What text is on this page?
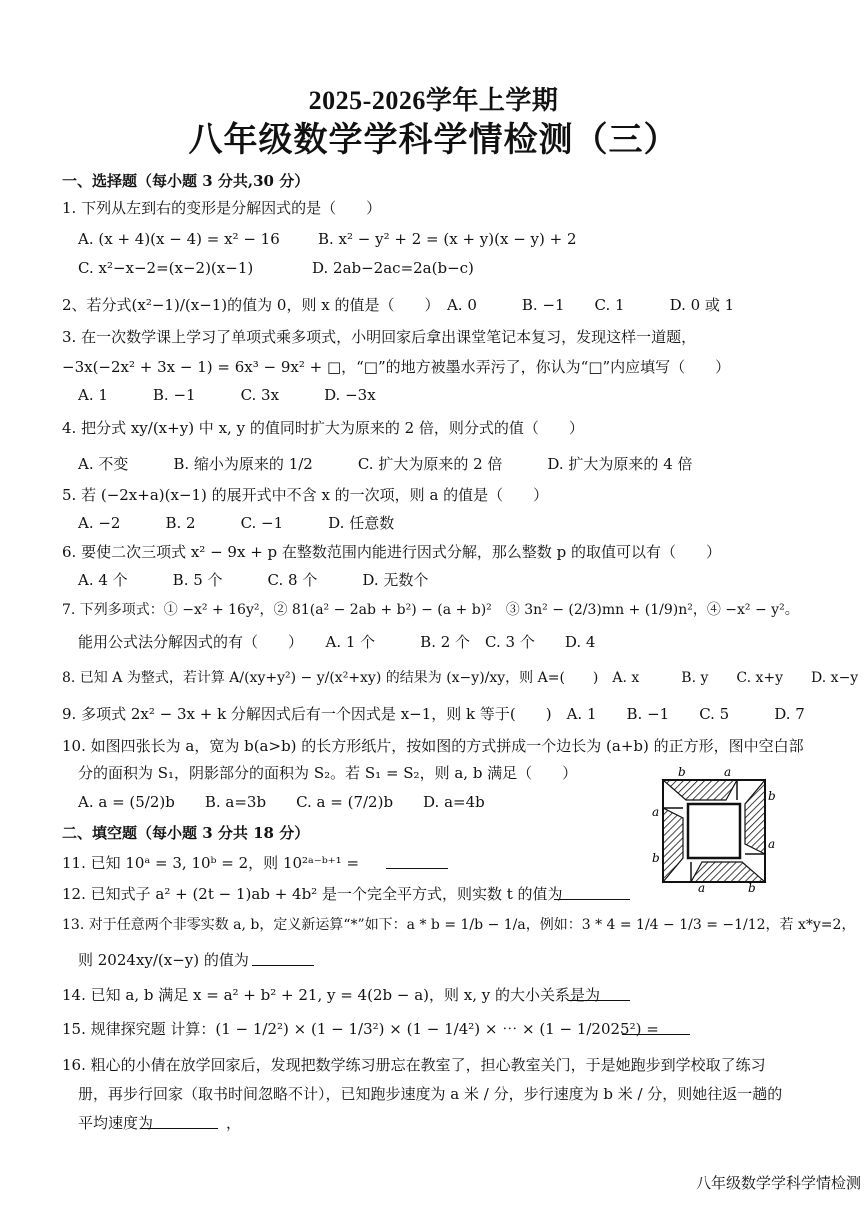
2025-2026学年上学期
八年级数学学科学情检测（三）
一、选择题（每小题 3 分共,30 分）
1. 下列从左到右的变形是分解因式的是（　　）
A. (x + 4)(x − 4) = x² − 16	B. x² − y² + 2 = (x + y)(x − y) + 2
C. x²−x−2=(x−2)(x−1)	D. 2ab−2ac=2a(b−c)
2、若分式(x²−1)/(x−1)的值为 0，则 x 的值是（　　）　A. 0　　　B. −1　　C. 1　　　D. 0 或 1
3. 在一次数学课上学习了单项式乘多项式，小明回家后拿出课堂笔记本复习，发现这样一道题，
−3x(−2x² + 3x − 1) = 6x³ − 9x² + □，“□”的地方被墨水弄污了，你认为“□”内应填写（　　）
A. 1　　　B. −1　　　C. 3x　　　D. −3x
4. 把分式 xy/(x+y) 中 x, y 的值同时扩大为原来的 2 倍，则分式的值（　　）
A. 不变　　　B. 缩小为原来的 1/2　　　C. 扩大为原来的 2 倍　　　D. 扩大为原来的 4 倍
5. 若 (−2x+a)(x−1) 的展开式中不含 x 的一次项，则 a 的值是（　　）
A. −2　　　B. 2　　　C. −1　　　D. 任意数
6. 要使二次三项式 x² − 9x + p 在整数范围内能进行因式分解，那么整数 p 的取值可以有（　　）
A. 4 个　　　B. 5 个　　　C. 8 个　　　D. 无数个
7. 下列多项式：① −x² + 16y²，② 81(a² − 2ab + b²) − (a + b)²　③ 3n² − (2/3)mn + (1/9)n²，④ −x² − y²。
能用公式法分解因式的有（　　）　　A. 1 个　　　B. 2 个　C. 3 个　　D. 4
8. 已知 A 为整式，若计算 A/(xy+y²) − y/(x²+xy) 的结果为 (x−y)/xy，则 A=(　　)　A. x　　　B. y　　C. x+y　　D. x−y
9. 多项式 2x² − 3x + k 分解因式后有一个因式是 x−1，则 k 等于(　　)　A. 1　　B. −1　　C. 5　　　D. 7
10. 如图四张长为 a，宽为 b(a>b) 的长方形纸片，按如图的方式拼成一个边长为 (a+b) 的正方形，图中空白部
分的面积为 S₁，阴影部分的面积为 S₂。若 S₁ = S₂，则 a, b 满足（　　）
A. a = (5/2)b　　B. a=3b　　C. a = (7/2)b　　D. a=4b
b	a
b
a
a
b
a	b
二、填空题（每小题 3 分共 18 分）
11. 已知 10ᵃ = 3, 10ᵇ = 2，则 10²ᵃ⁻ᵇ⁺¹ =
12. 已知式子 a² + (2t − 1)ab + 4b² 是一个完全平方式，则实数 t 的值为
13. 对于任意两个非零实数 a, b，定义新运算“*”如下：a * b = 1/b − 1/a，例如：3 * 4 = 1/4 − 1/3 = −1/12，若 x*y=2，
则 2024xy/(x−y) 的值为
14. 已知 a, b 满足 x = a² + b² + 21, y = 4(2b − a)，则 x, y 的大小关系是为
15. 规律探究题 计算：(1 − 1/2²) × (1 − 1/3²) × (1 − 1/4²) × ⋯ × (1 − 1/2025²) =
16. 粗心的小倩在放学回家后，发现把数学练习册忘在教室了，担心教室关门，于是她跑步到学校取了练习
册，再步行回家（取书时间忽略不计），已知跑步速度为 a 米 / 分，步行速度为 b 米 / 分，则她往返一趟的
平均速度为	，
八年级数学学科学情检测
